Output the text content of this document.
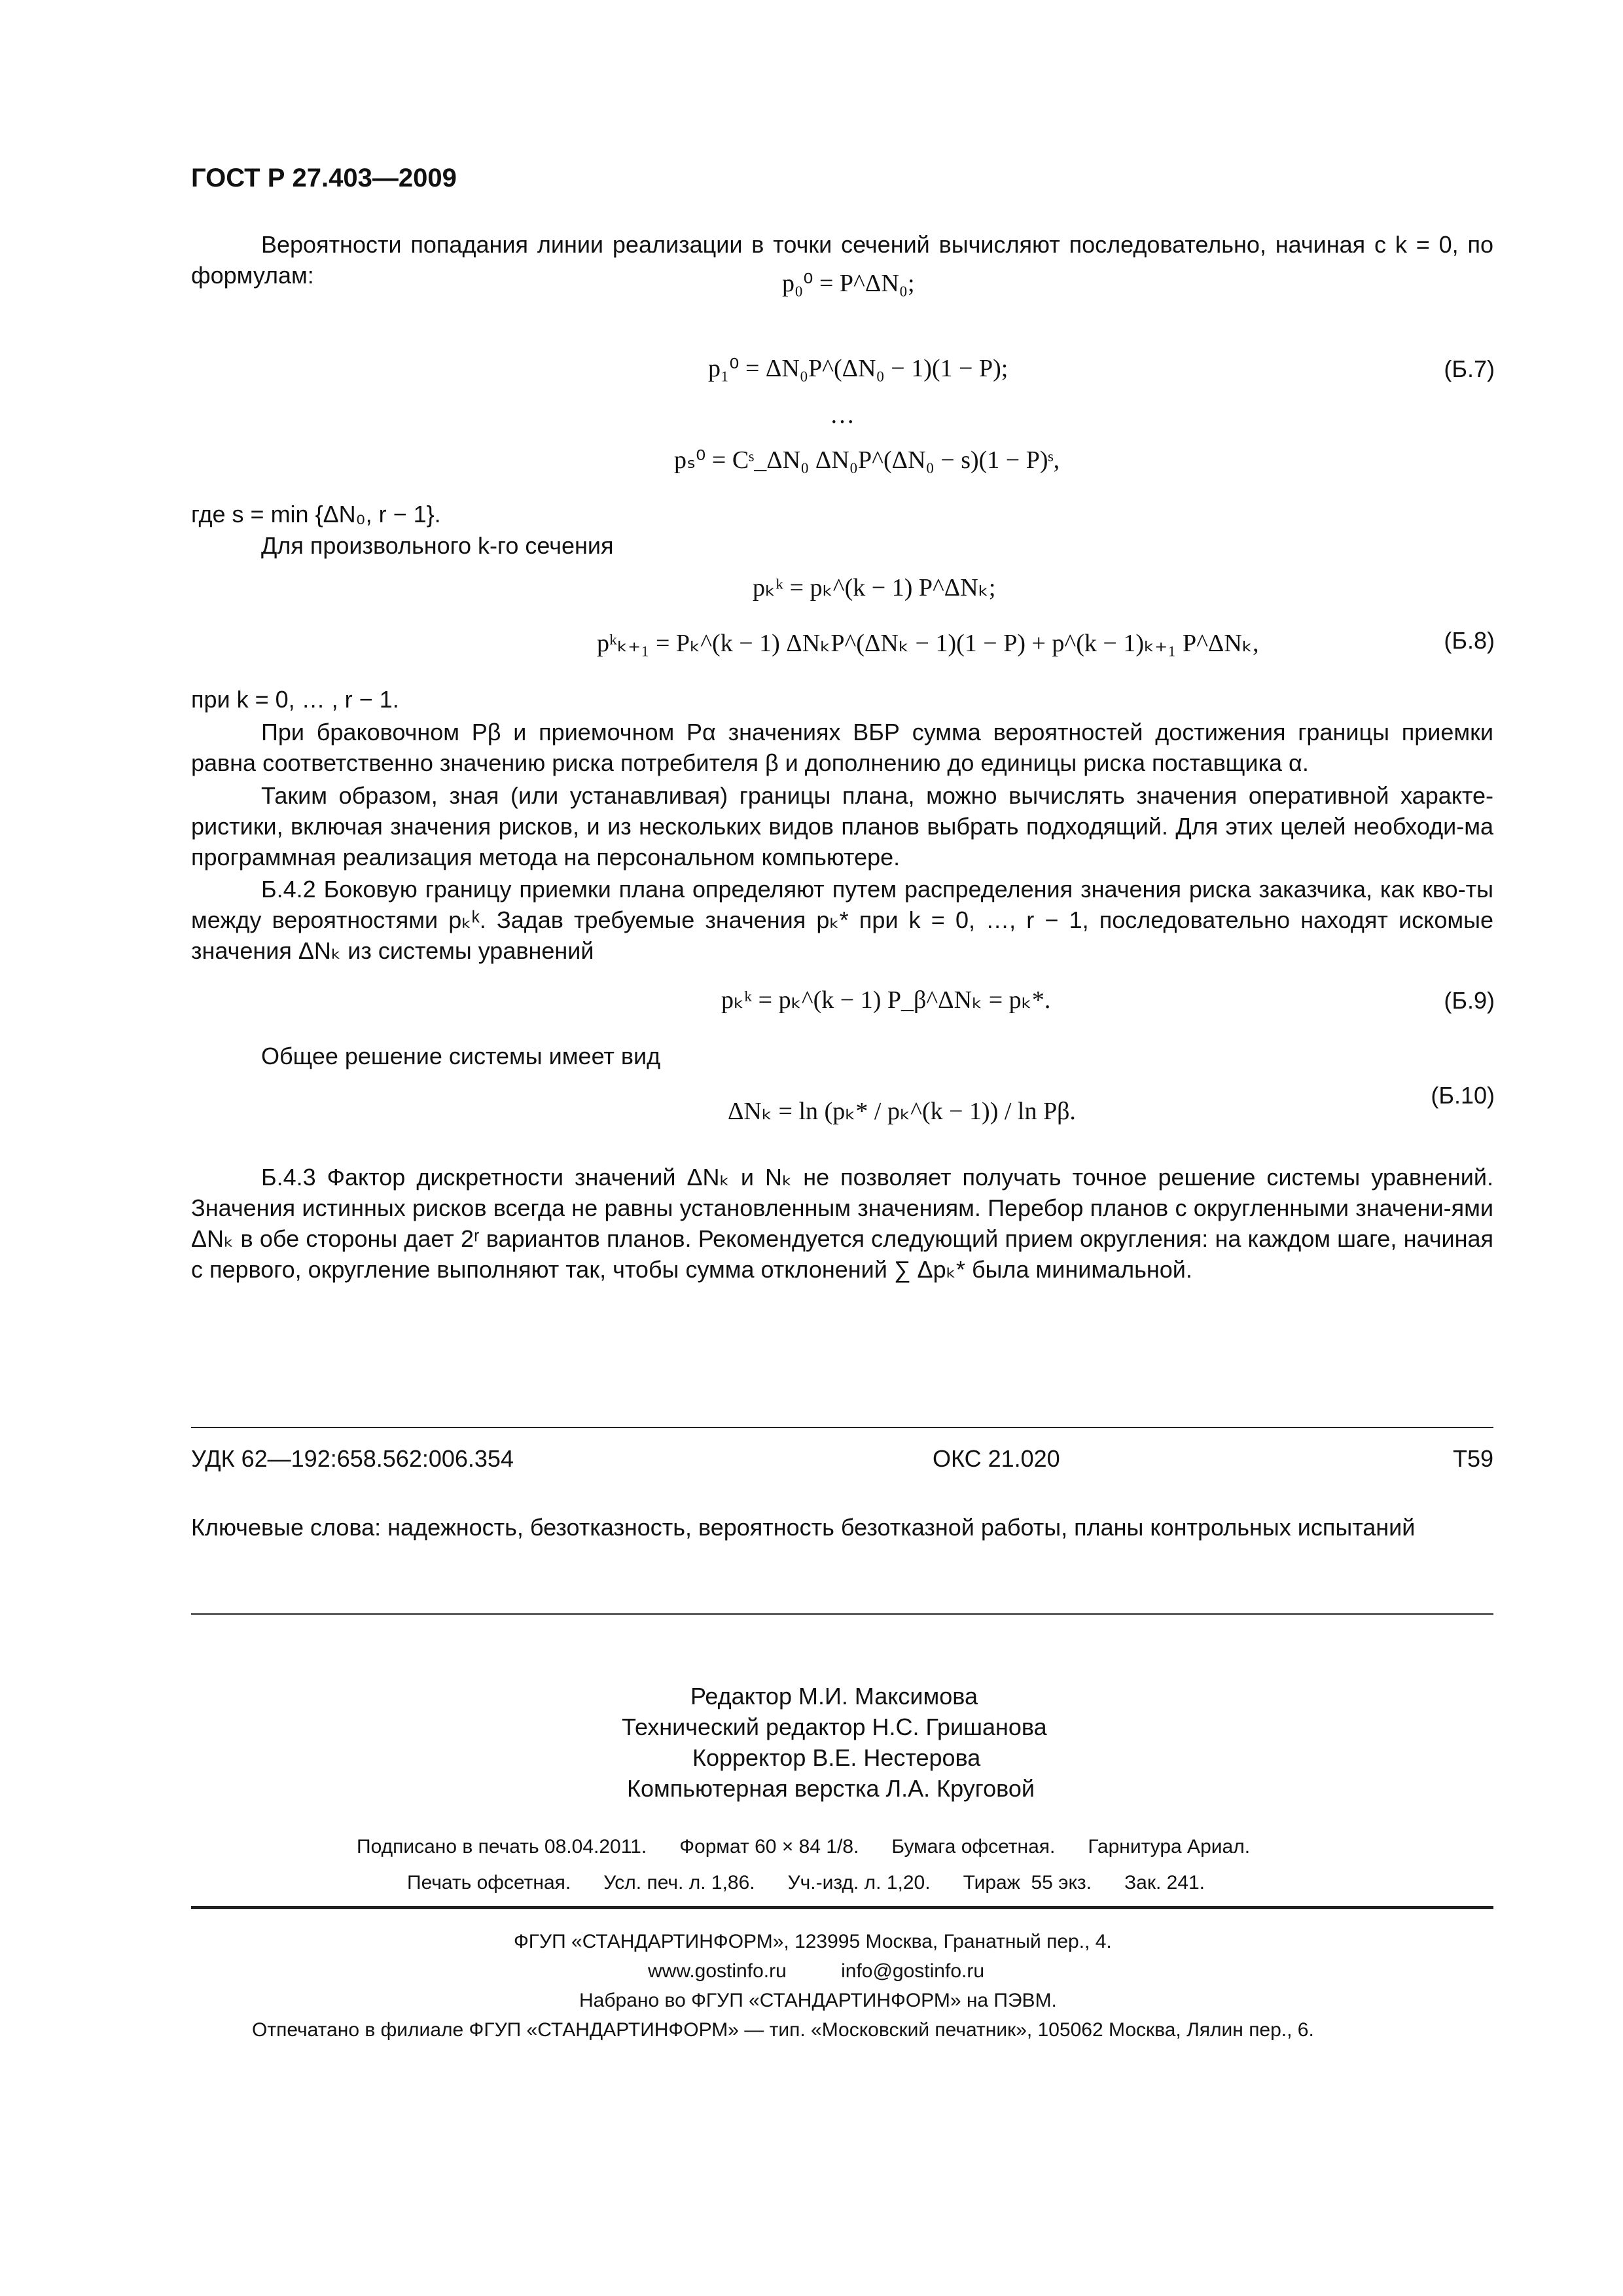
ГОСТ Р 27.403—2009
Вероятности попадания линии реализации в точки сечений вычисляют последовательно, начиная с k = 0, по формулам:	p₀⁰ = P^ΔN₀;
p₁⁰ = ΔN₀P^(ΔN₀ − 1)(1 − P);	(Б.7)
…
pₛ⁰ = Cˢ_ΔN₀ ΔN₀P^(ΔN₀ − s)(1 − P)ˢ,
где s = min {ΔN₀, r − 1}.
Для произвольного k-го сечения
pₖᵏ = pₖ^(k − 1) P^ΔNₖ;
pᵏₖ₊₁ = Pₖ^(k − 1) ΔNₖP^(ΔNₖ − 1)(1 − P) + p^(k − 1)ₖ₊₁ P^ΔNₖ,	(Б.8)
при k = 0, … , r − 1.
При браковочном Pβ и приемочном Pα значениях ВБР сумма вероятностей достижения границы приемки равна соответственно значению риска потребителя β и дополнению до единицы риска поставщика α.
Таким образом, зная (или устанавливая) границы плана, можно вычислять значения оперативной характе-ристики, включая значения рисков, и из нескольких видов планов выбрать подходящий. Для этих целей необходи-ма программная реализация метода на персональном компьютере.
Б.4.2 Боковую границу приемки плана определяют путем распределения значения риска заказчика, как кво-ты между вероятностями pₖᵏ. Задав требуемые значения pₖ* при k = 0, …, r − 1, последовательно находят искомые значения ΔNₖ из системы уравнений
pₖᵏ = pₖ^(k − 1) P_β^ΔNₖ = pₖ*.	(Б.9)
Общее решение системы имеет вид
ΔNₖ = ln (pₖ* / pₖ^(k − 1)) / ln Pβ.
(Б.10)
Б.4.3 Фактор дискретности значений ΔNₖ и Nₖ не позволяет получать точное решение системы уравнений. Значения истинных рисков всегда не равны установленным значениям. Перебор планов с округленными значени-ями ΔNₖ в обе стороны дает 2ʳ вариантов планов. Рекомендуется следующий прием округления: на каждом шаге, начиная с первого, округление выполняют так, чтобы сумма отклонений ∑ Δpₖ* была минимальной.
УДК 62—192:658.562:006.354	ОКС 21.020	Т59
Ключевые слова: надежность, безотказность, вероятность безотказной работы, планы контрольных испытаний
Редактор М.И. Максимова
Технический редактор Н.С. Гришанова
Корректор В.Е. Нестерова
Компьютерная верстка Л.А. Круговой
Подписано в печать 08.04.2011.      Формат 60 × 84 1/8.      Бумага офсетная.      Гарнитура Ариал.
Печать офсетная.      Усл. печ. л. 1,86.      Уч.-изд. л. 1,20.      Тираж  55 экз.      Зак. 241.
ФГУП «СТАНДАРТИНФОРМ», 123995 Москва, Гранатный пер., 4.
www.gostinfo.ru          info@gostinfo.ru
Набрано во ФГУП «СТАНДАРТИНФОРМ» на ПЭВМ.
Отпечатано в филиале ФГУП «СТАНДАРТИНФОРМ» — тип. «Московский печатник», 105062 Москва, Лялин пер., 6.
